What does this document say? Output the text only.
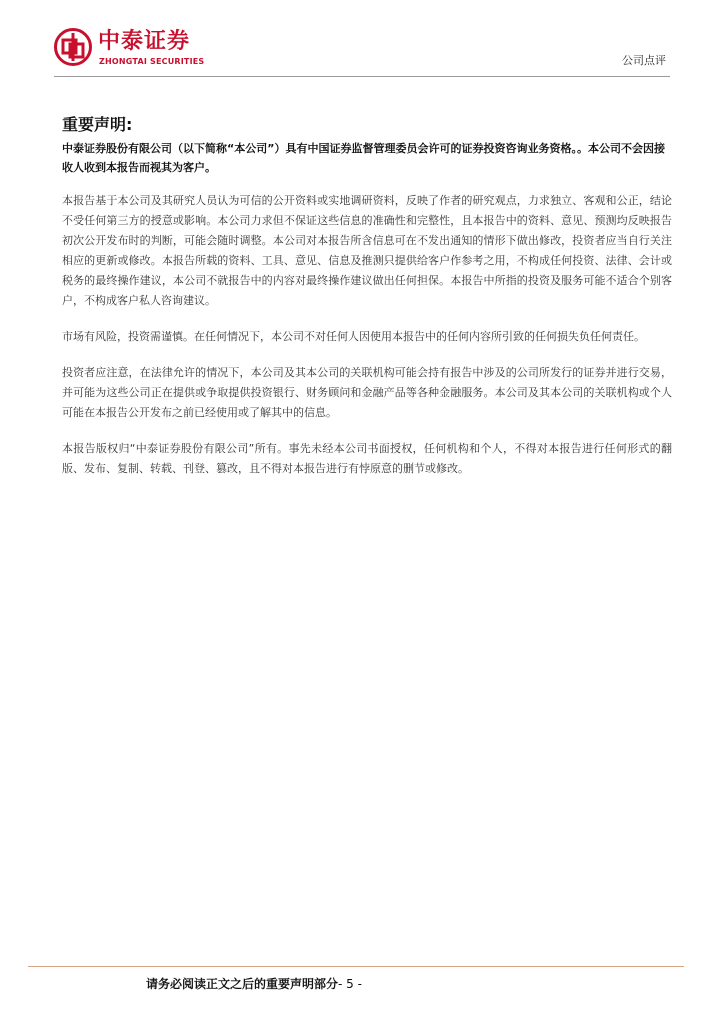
中泰证券
ZHONGTAI SECURITIES	公司点评
重要声明:

中泰证券股份有限公司（以下简称“本公司”）具有中国证券监督管理委员会许可的证券投资咨询业务资格。。本公司不会因接收人收到本报告而视其为客户。

本报告基于本公司及其研究人员认为可信的公开资料或实地调研资料，反映了作者的研究观点，力求独立、客观和公正，结论不受任何第三方的授意或影响。本公司力求但不保证这些信息的准确性和完整性，且本报告中的资料、意见、预测均反映报告初次公开发布时的判断，可能会随时调整。本公司对本报告所含信息可在不发出通知的情形下做出修改，投资者应当自行关注相应的更新或修改。本报告所载的资料、工具、意见、信息及推测只提供给客户作参考之用，不构成任何投资、法律、会计或税务的最终操作建议，本公司不就报告中的内容对最终操作建议做出任何担保。本报告中所指的投资及服务可能不适合个别客户，不构成客户私人咨询建议。

市场有风险，投资需谨慎。在任何情况下，本公司不对任何人因使用本报告中的任何内容所引致的任何损失负任何责任。

投资者应注意，在法律允许的情况下，本公司及其本公司的关联机构可能会持有报告中涉及的公司所发行的证券并进行交易，并可能为这些公司正在提供或争取提供投资银行、财务顾问和金融产品等各种金融服务。本公司及其本公司的关联机构或个人可能在本报告公开发布之前已经使用或了解其中的信息。

本报告版权归“中泰证券股份有限公司”所有。事先未经本公司书面授权，任何机构和个人，不得对本报告进行任何形式的翻版、发布、复制、转载、刊登、篡改，且不得对本报告进行有悖原意的删节或修改。

请务必阅读正文之后的重要声明部分- 5 -
